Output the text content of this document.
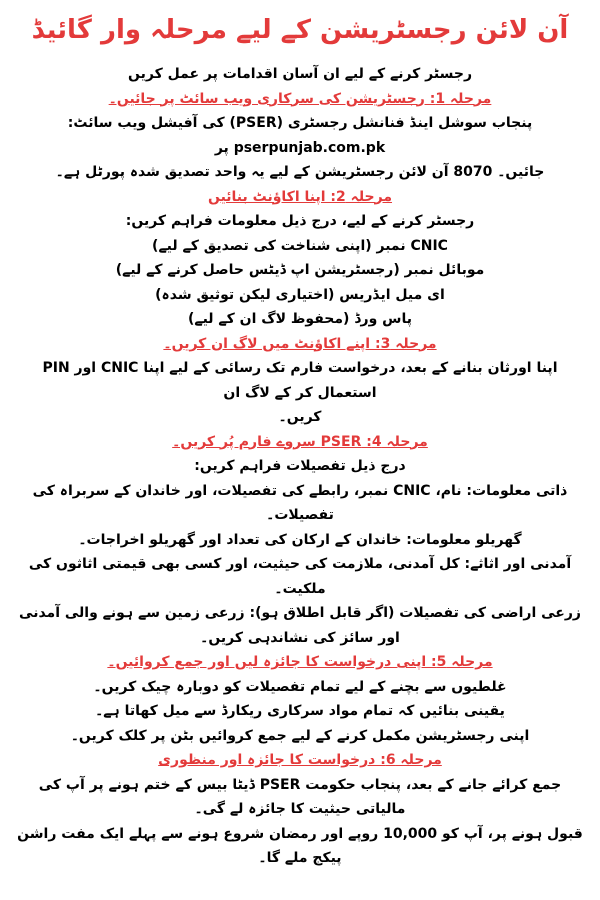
آن لائن رجسٹریشن کے لیے مرحلہ وار گائیڈ

رجسٹر کرنے کے لیے ان آسان اقدامات پر عمل کریں

مرحلہ 1: رجسٹریشن کی سرکاری ویب سائٹ پر جائیں۔

پنجاب سوشل اینڈ فنانشل رجسٹری (PSER) کی آفیشل ویب سائٹ: pserpunjab.com.pk پر

جائیں۔ 8070 آن لائن رجسٹریشن کے لیے یہ واحد تصدیق شدہ پورٹل ہے۔

مرحلہ 2: اپنا اکاؤنٹ بنائیں

رجسٹر کرنے کے لیے، درج ذیل معلومات فراہم کریں:

CNIC نمبر (اپنی شناخت کی تصدیق کے لیے)

موبائل نمبر (رجسٹریشن اپ ڈیٹس حاصل کرنے کے لیے)

ای میل ایڈریس (اختیاری لیکن توثیق شدہ)

پاس ورڈ (محفوظ لاگ ان کے لیے)

مرحلہ 3: اپنے اکاؤنٹ میں لاگ ان کریں۔

اپنا اورثان بنانے کے بعد، درخواست فارم تک رسائی کے لیے اپنا CNIC اور PIN استعمال کر کے لاگ ان

کریں۔

مرحلہ 4: PSER سروے فارم پُر کریں۔

درج ذیل تفصیلات فراہم کریں:

ذاتی معلومات: نام، CNIC نمبر، رابطے کی تفصیلات، اور خاندان کے سربراہ کی تفصیلات۔

گھریلو معلومات: خاندان کے ارکان کی تعداد اور گھریلو اخراجات۔

آمدنی اور اثاثے: کل آمدنی، ملازمت کی حیثیت، اور کسی بھی قیمتی اثاثوں کی ملکیت۔

زرعی اراضی کی تفصیلات (اگر قابل اطلاق ہو): زرعی زمین سے ہونے والی آمدنی اور سائز کی نشاندہی کریں۔

مرحلہ 5: اپنی درخواست کا جائزہ لیں اور جمع کروائیں۔

غلطیوں سے بچنے کے لیے تمام تفصیلات کو دوبارہ چیک کریں۔

یقینی بنائیں کہ تمام مواد سرکاری ریکارڈ سے میل کھاتا ہے۔

اپنی رجسٹریشن مکمل کرنے کے لیے جمع کروائیں بٹن پر کلک کریں۔

مرحلہ 6: درخواست کا جائزہ اور منظوری

جمع کرائے جانے کے بعد، پنجاب حکومت PSER ڈیٹا بیس کے ختم ہونے پر آپ کی مالیاتی حیثیت کا جائزہ لے گی۔

قبول ہونے پر، آپ کو 10,000 روپے اور رمضان شروع ہونے سے پہلے ایک مفت راشن پیکج ملے گا۔
